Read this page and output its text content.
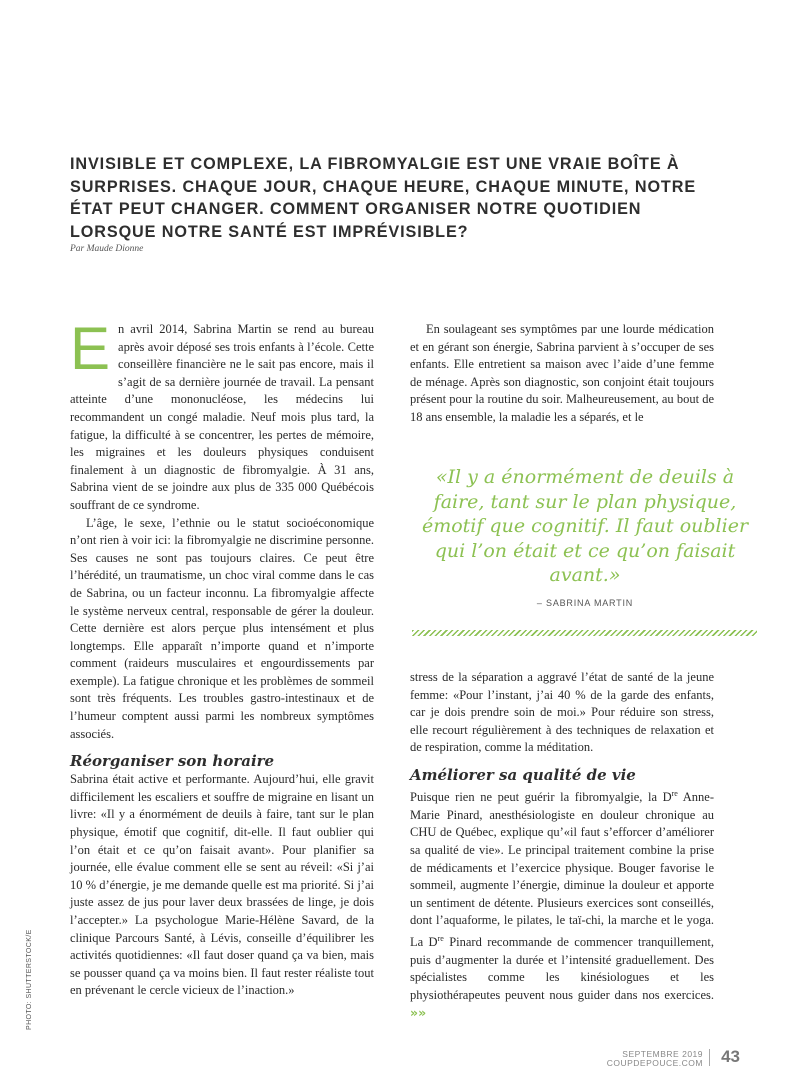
INVISIBLE ET COMPLEXE, LA FIBROMYALGIE EST UNE VRAIE BOÎTE À SURPRISES. CHAQUE JOUR, CHAQUE HEURE, CHAQUE MINUTE, NOTRE ÉTAT PEUT CHANGER. COMMENT ORGANISER NOTRE QUOTIDIEN LORSQUE NOTRE SANTÉ EST IMPRÉVISIBLE?
Par Maude Dionne

En avril 2014, Sabrina Martin se rend au bureau après avoir déposé ses trois enfants à l’école. Cette conseillère financière ne le sait pas encore, mais il s’agit de sa dernière journée de travail. La pensant atteinte d’une mononucléose, les médecins lui recommandent un congé maladie. Neuf mois plus tard, la fatigue, la difficulté à se concentrer, les pertes de mémoire, les migraines et les douleurs physiques conduisent finalement à un diagnostic de fibromyalgie. À 31 ans, Sabrina vient de se joindre aux plus de 335 000 Québécois souffrant de ce syndrome.

L’âge, le sexe, l’ethnie ou le statut socioéconomique n’ont rien à voir ici: la fibromyalgie ne discrimine personne. Ses causes ne sont pas toujours claires. Ce peut être l’hérédité, un traumatisme, un choc viral comme dans le cas de Sabrina, ou un facteur inconnu. La fibromyalgie affecte le système nerveux central, responsable de gérer la douleur. Cette dernière est alors perçue plus intensément et plus longtemps. Elle apparaît n’importe quand et n’importe comment (raideurs musculaires et engourdissements par exemple). La fatigue chronique et les problèmes de sommeil sont très fréquents. Les troubles gastro-intestinaux et de l’humeur comptent aussi parmi les nombreux symptômes associés.

Réorganiser son horaire

Sabrina était active et performante. Aujourd’hui, elle gravit difficilement les escaliers et souffre de migraine en lisant un livre: «Il y a énormément de deuils à faire, tant sur le plan physique, émotif que cognitif, dit-elle. Il faut oublier qui l’on était et ce qu’on faisait avant». Pour planifier sa journée, elle évalue comment elle se sent au réveil: «Si j’ai 10 % d’énergie, je me demande quelle est ma priorité. Si j’ai juste assez de jus pour laver deux brassées de linge, je dois l’accepter.» La psychologue Marie-Hélène Savard, de la clinique Parcours Santé, à Lévis, conseille d’équilibrer les activités quotidiennes: «Il faut doser quand ça va bien, mais se pousser quand ça va moins bien. Il faut rester réaliste tout en prévenant le cercle vicieux de l’inaction.»

En soulageant ses symptômes par une lourde médication et en gérant son énergie, Sabrina parvient à s’occuper de ses enfants. Elle entretient sa maison avec l’aide d’une femme de ménage. Après son diagnostic, son conjoint était toujours présent pour la routine du soir. Malheureusement, au bout de 18 ans ensemble, la maladie les a séparés, et le

«Il y a énormément de deuils à faire, tant sur le plan physique, émotif que cognitif. Il faut oublier qui l’on était et ce qu’on faisait avant.»

– SABRINA MARTIN

stress de la séparation a aggravé l’état de santé de la jeune femme: «Pour l’instant, j’ai 40 % de la garde des enfants, car je dois prendre soin de moi.» Pour réduire son stress, elle recourt régulièrement à des techniques de relaxation et de respiration, comme la méditation.

Améliorer sa qualité de vie

Puisque rien ne peut guérir la fibromyalgie, la Dre Anne-Marie Pinard, anesthésiologiste en douleur chronique au CHU de Québec, explique qu’«il faut s’efforcer d’améliorer sa qualité de vie». Le principal traitement combine la prise de médicaments et l’exercice physique. Bouger favorise le sommeil, augmente l’énergie, diminue la douleur et apporte un sentiment de détente. Plusieurs exercices sont conseillés, dont l’aquaforme, le pilates, le taï-chi, la marche et le yoga. La Dre Pinard recommande de commencer tranquillement, puis d’augmenter la durée et l’intensité graduellement. Des spécialistes comme les kinésiologues et les physiothérapeutes peuvent nous guider dans nos exercices. »»

PHOTO: SHUTTERSTOCK/E
SEPTEMBRE 2019
COUPDEPOUCE.COM 43
